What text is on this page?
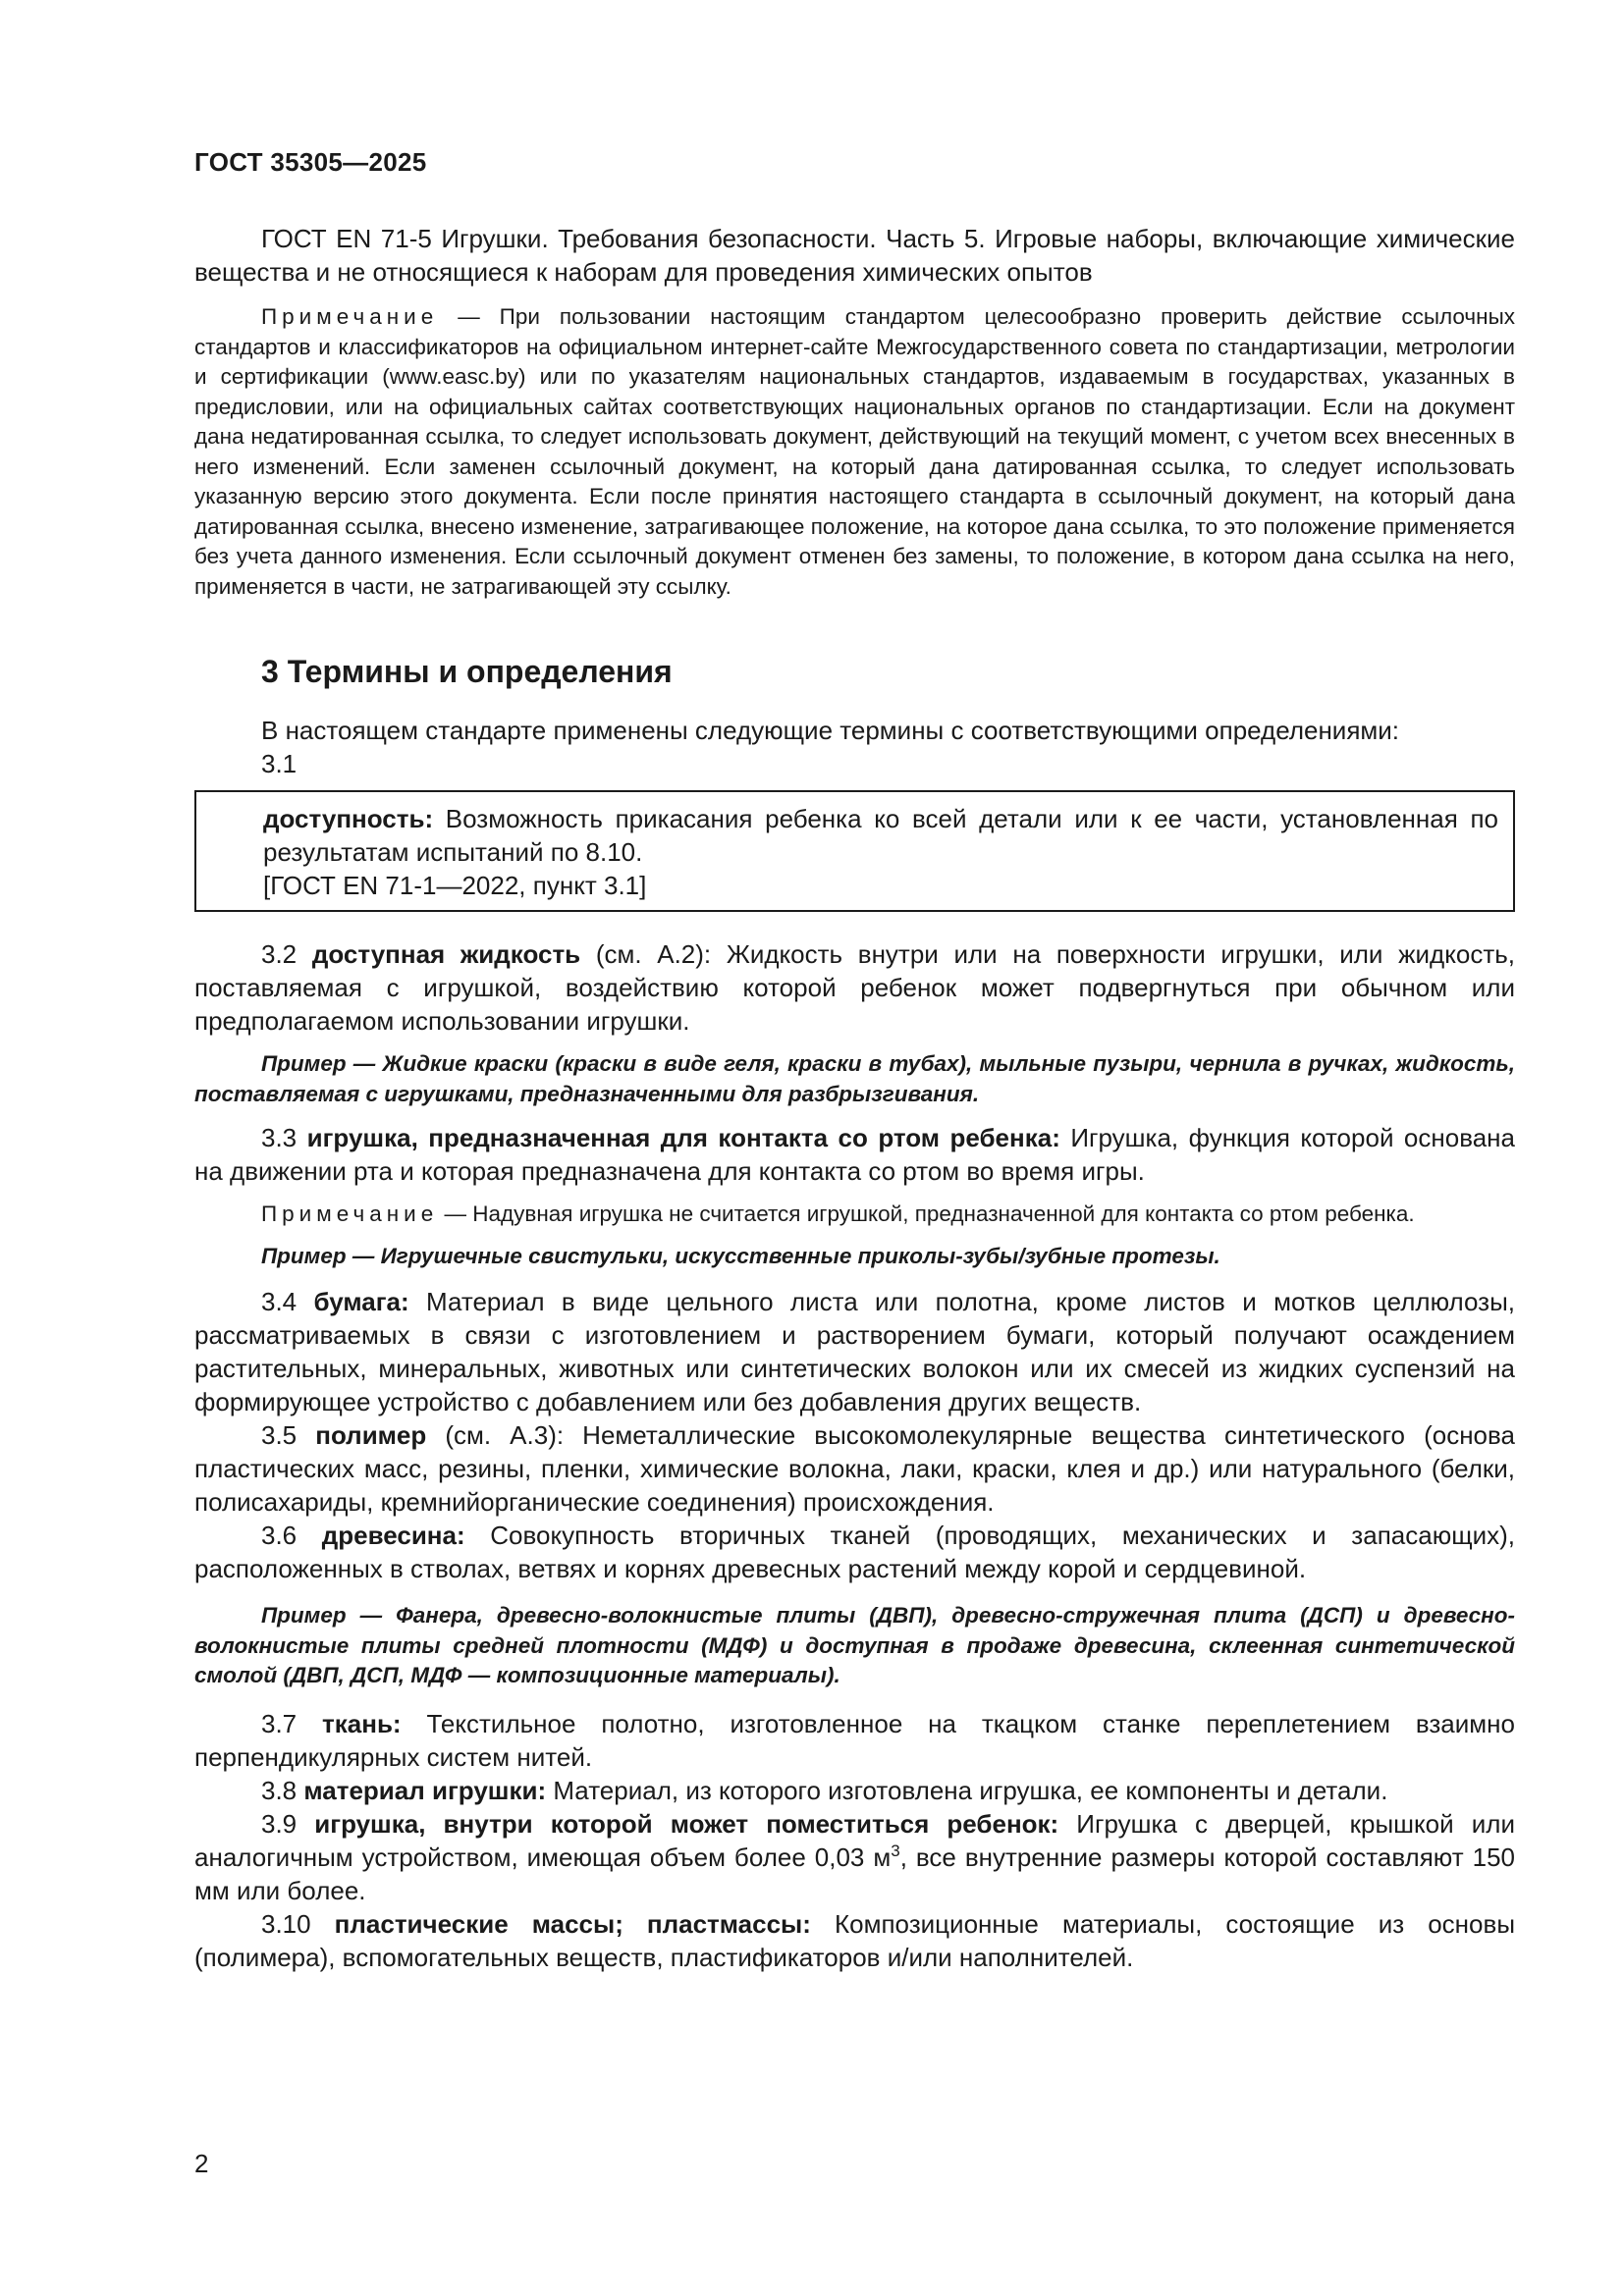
ГОСТ 35305—2025

ГОСТ EN 71-5 Игрушки. Требования безопасности. Часть 5. Игровые наборы, включающие химические вещества и не относящиеся к наборам для проведения химических опытов

Примечание — При пользовании настоящим стандартом целесообразно проверить действие ссылочных стандартов и классификаторов на официальном интернет-сайте Межгосударственного совета по стандартизации, метрологии и сертификации (www.easc.by) или по указателям национальных стандартов, издаваемым в государствах, указанных в предисловии, или на официальных сайтах соответствующих национальных органов по стандартизации. Если на документ дана недатированная ссылка, то следует использовать документ, действующий на текущий момент, с учетом всех внесенных в него изменений. Если заменен ссылочный документ, на который дана датированная ссылка, то следует использовать указанную версию этого документа. Если после принятия настоящего стандарта в ссылочный документ, на который дана датированная ссылка, внесено изменение, затрагивающее положение, на которое дана ссылка, то это положение применяется без учета данного изменения. Если ссылочный документ отменен без замены, то положение, в котором дана ссылка на него, применяется в части, не затрагивающей эту ссылку.

3 Термины и определения

В настоящем стандарте применены следующие термины с соответствующими определениями:

3.1

доступность: Возможность прикасания ребенка ко всей детали или к ее части, установленная по результатам испытаний по 8.10.

[ГОСТ EN 71-1—2022, пункт 3.1]

3.2 доступная жидкость (см. А.2): Жидкость внутри или на поверхности игрушки, или жидкость, поставляемая с игрушкой, воздействию которой ребенок может подвергнуться при обычном или предполагаемом использовании игрушки.

Пример — Жидкие краски (краски в виде геля, краски в тубах), мыльные пузыри, чернила в ручках, жидкость, поставляемая с игрушками, предназначенными для разбрызгивания.

3.3 игрушка, предназначенная для контакта со ртом ребенка: Игрушка, функция которой основана на движении рта и которая предназначена для контакта со ртом во время игры.

Примечание — Надувная игрушка не считается игрушкой, предназначенной для контакта со ртом ребенка.

Пример — Игрушечные свистульки, искусственные приколы-зубы/зубные протезы.

3.4 бумага: Материал в виде цельного листа или полотна, кроме листов и мотков целлюлозы, рассматриваемых в связи с изготовлением и растворением бумаги, который получают осаждением растительных, минеральных, животных или синтетических волокон или их смесей из жидких суспензий на формирующее устройство с добавлением или без добавления других веществ.

3.5 полимер (см. А.3): Неметаллические высокомолекулярные вещества синтетического (основа пластических масс, резины, пленки, химические волокна, лаки, краски, клея и др.) или натурального (белки, полисахариды, кремнийорганические соединения) происхождения.

3.6 древесина: Совокупность вторичных тканей (проводящих, механических и запасающих), расположенных в стволах, ветвях и корнях древесных растений между корой и сердцевиной.

Пример — Фанера, древесно-волокнистые плиты (ДВП), древесно-стружечная плита (ДСП) и древесно-волокнистые плиты средней плотности (МДФ) и доступная в продаже древесина, склеенная синтетической смолой (ДВП, ДСП, МДФ — композиционные материалы).

3.7 ткань: Текстильное полотно, изготовленное на ткацком станке переплетением взаимно перпендикулярных систем нитей.

3.8 материал игрушки: Материал, из которого изготовлена игрушка, ее компоненты и детали.

3.9 игрушка, внутри которой может поместиться ребенок: Игрушка с дверцей, крышкой или аналогичным устройством, имеющая объем более 0,03 $м^3$, все внутренние размеры которой составляют 150 мм или более.

3.10 пластические массы; пластмассы: Композиционные материалы, состоящие из основы (полимера), вспомогательных веществ, пластификаторов и/или наполнителей.

2
